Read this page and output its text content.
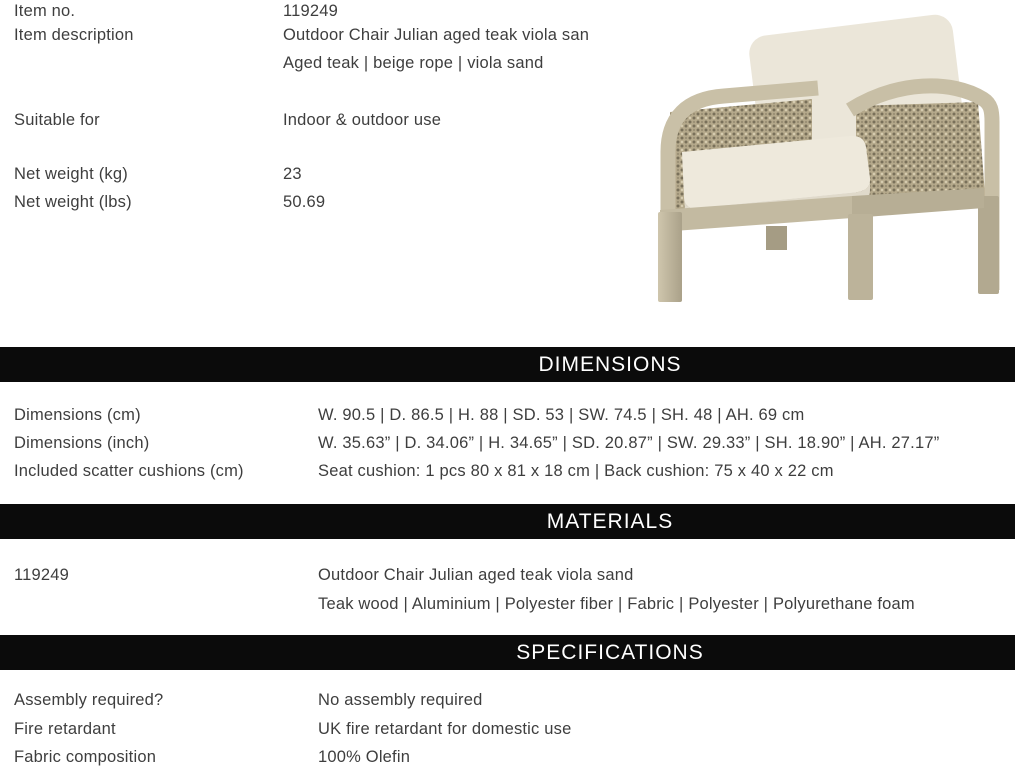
Item no.	119249
Item description	Outdoor Chair Julian aged teak viola san
Aged teak | beige rope | viola sand
Suitable for	Indoor & outdoor use
Net weight (kg)	23
Net weight (lbs)	50.69
DIMENSIONS
Dimensions (cm)	W. 90.5 | D. 86.5 | H. 88 | SD. 53 | SW. 74.5 | SH. 48 | AH. 69 cm
Dimensions (inch)	W. 35.63” | D. 34.06” | H. 34.65” | SD. 20.87” | SW. 29.33” | SH. 18.90” | AH. 27.17”
Included scatter cushions (cm)	Seat cushion: 1 pcs 80 x 81 x 18 cm | Back cushion: 75 x 40 x 22 cm
MATERIALS
119249	Outdoor Chair Julian aged teak viola sand
Teak wood | Aluminium | Polyester fiber | Fabric | Polyester | Polyurethane foam
SPECIFICATIONS
Assembly required?	No assembly required
Fire retardant	UK fire retardant for domestic use
Fabric composition	100% Olefin
